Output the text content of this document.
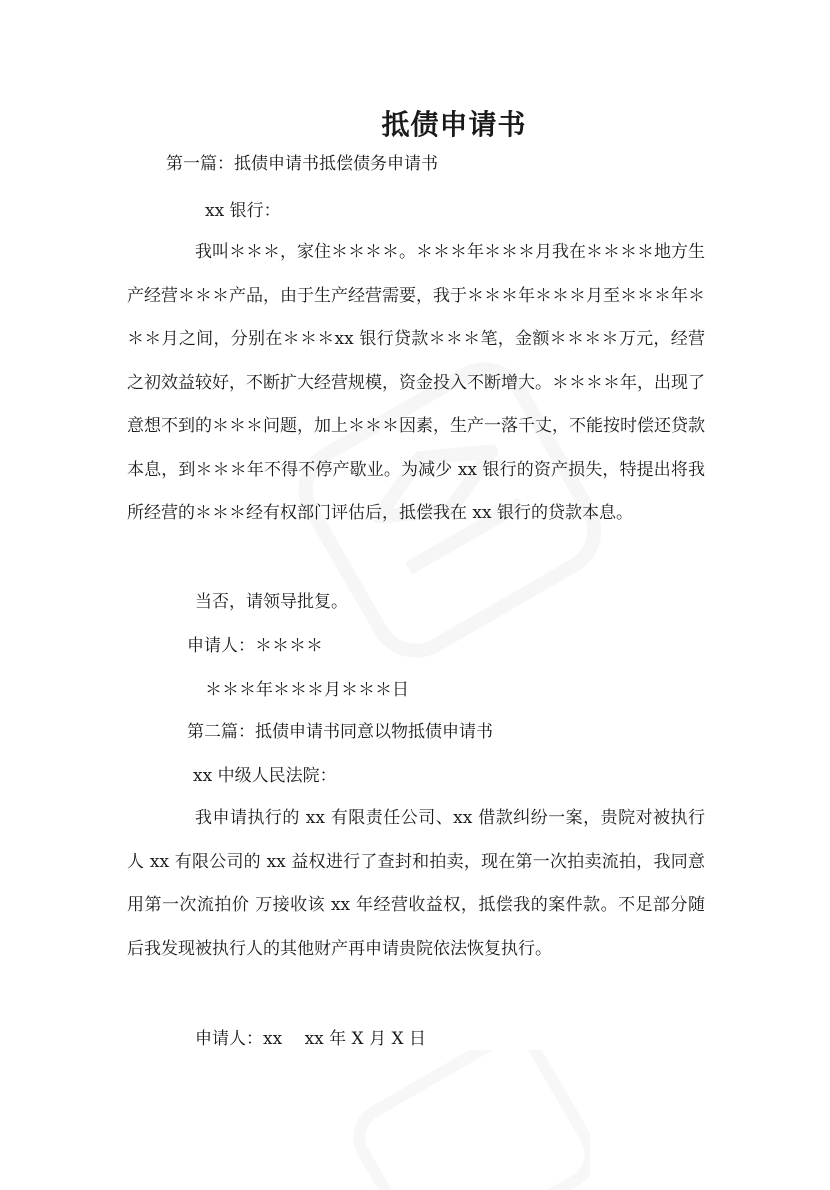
抵债申请书
第一篇：抵债申请书抵偿债务申请书
xx 银行：

我叫＊＊＊，家住＊＊＊＊。＊＊＊年＊＊＊月我在＊＊＊＊地方生产经营＊＊＊产品，由于生产经营需要，我于＊＊＊年＊＊＊月至＊＊＊年＊＊＊月之间，分别在＊＊＊xx 银行贷款＊＊＊笔，金额＊＊＊＊万元，经营之初效益较好，不断扩大经营规模，资金投入不断增大。＊＊＊＊年，出现了意想不到的＊＊＊问题，加上＊＊＊因素，生产一落千丈，不能按时偿还贷款本息，到＊＊＊年不得不停产歇业。为减少 xx 银行的资产损失，特提出将我所经营的＊＊＊经有权部门评估后，抵偿我在 xx 银行的贷款本息。

当否，请领导批复。
申请人：＊＊＊＊
＊＊＊年＊＊＊月＊＊＊日
第二篇：抵债申请书同意以物抵债申请书
xx 中级人民法院：

我申请执行的 xx 有限责任公司、xx 借款纠纷一案，贵院对被执行人 xx 有限公司的 xx 益权进行了查封和拍卖，现在第一次拍卖流拍，我同意用第一次流拍价 万接收该 xx 年经营收益权，抵偿我的案件款。不足部分随后我发现被执行人的其他财产再申请贵院依法恢复执行。

申请人：xx　 xx 年 X 月 X 日
